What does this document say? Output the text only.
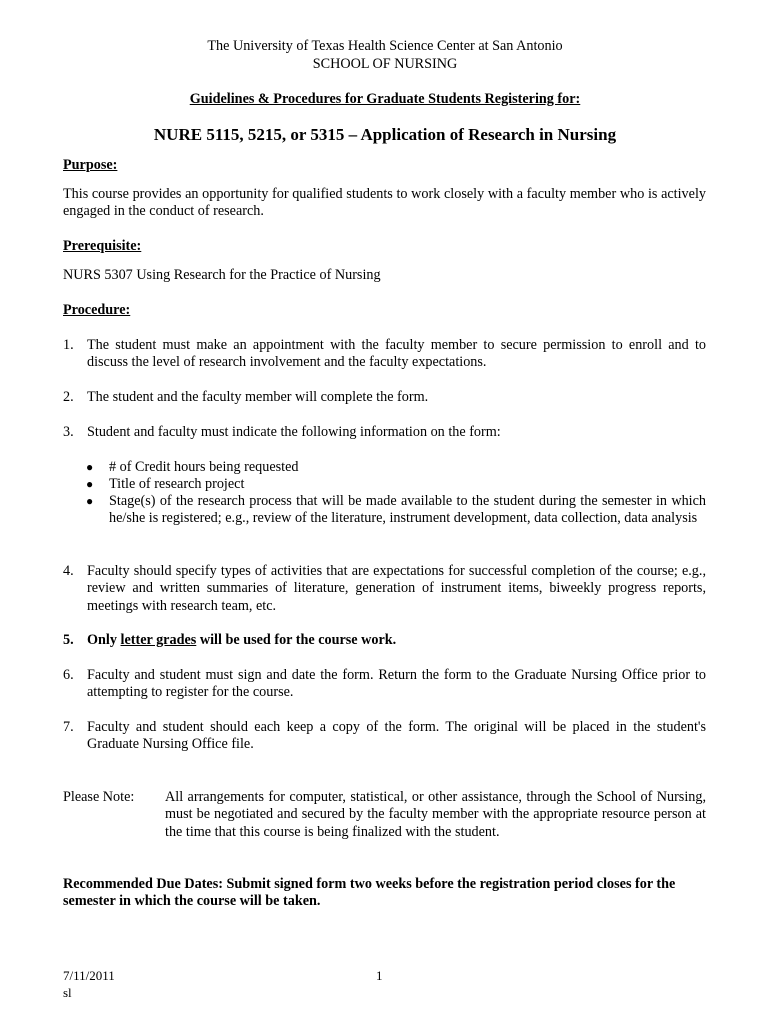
The University of Texas Health Science Center at San Antonio
SCHOOL OF NURSING
Guidelines & Procedures for Graduate Students Registering for:
NURE 5115, 5215, or 5315 – Application of Research in Nursing
Purpose:
This course provides an opportunity for qualified students to work closely with a faculty member who is actively engaged in the conduct of research.
Prerequisite:
NURS 5307 Using Research for the Practice of Nursing
Procedure:
1. The student must make an appointment with the faculty member to secure permission to enroll and to discuss the level of research involvement and the faculty expectations.
2. The student and the faculty member will complete the form.
3. Student and faculty must indicate the following information on the form:
● # of Credit hours being requested
● Title of research project
● Stage(s) of the research process that will be made available to the student during the semester in which he/she is registered; e.g., review of the literature, instrument development, data collection, data analysis
4. Faculty should specify types of activities that are expectations for successful completion of the course; e.g., review and written summaries of literature, generation of instrument items, biweekly progress reports, meetings with research team, etc.
5. Only letter grades will be used for the course work.
6. Faculty and student must sign and date the form. Return the form to the Graduate Nursing Office prior to attempting to register for the course.
7. Faculty and student should each keep a copy of the form. The original will be placed in the student's Graduate Nursing Office file.
Please Note: All arrangements for computer, statistical, or other assistance, through the School of Nursing, must be negotiated and secured by the faculty member with the appropriate resource person at the time that this course is being finalized with the student.
Recommended Due Dates: Submit signed form two weeks before the registration period closes for the semester in which the course will be taken.
7/11/2011
sl
1
